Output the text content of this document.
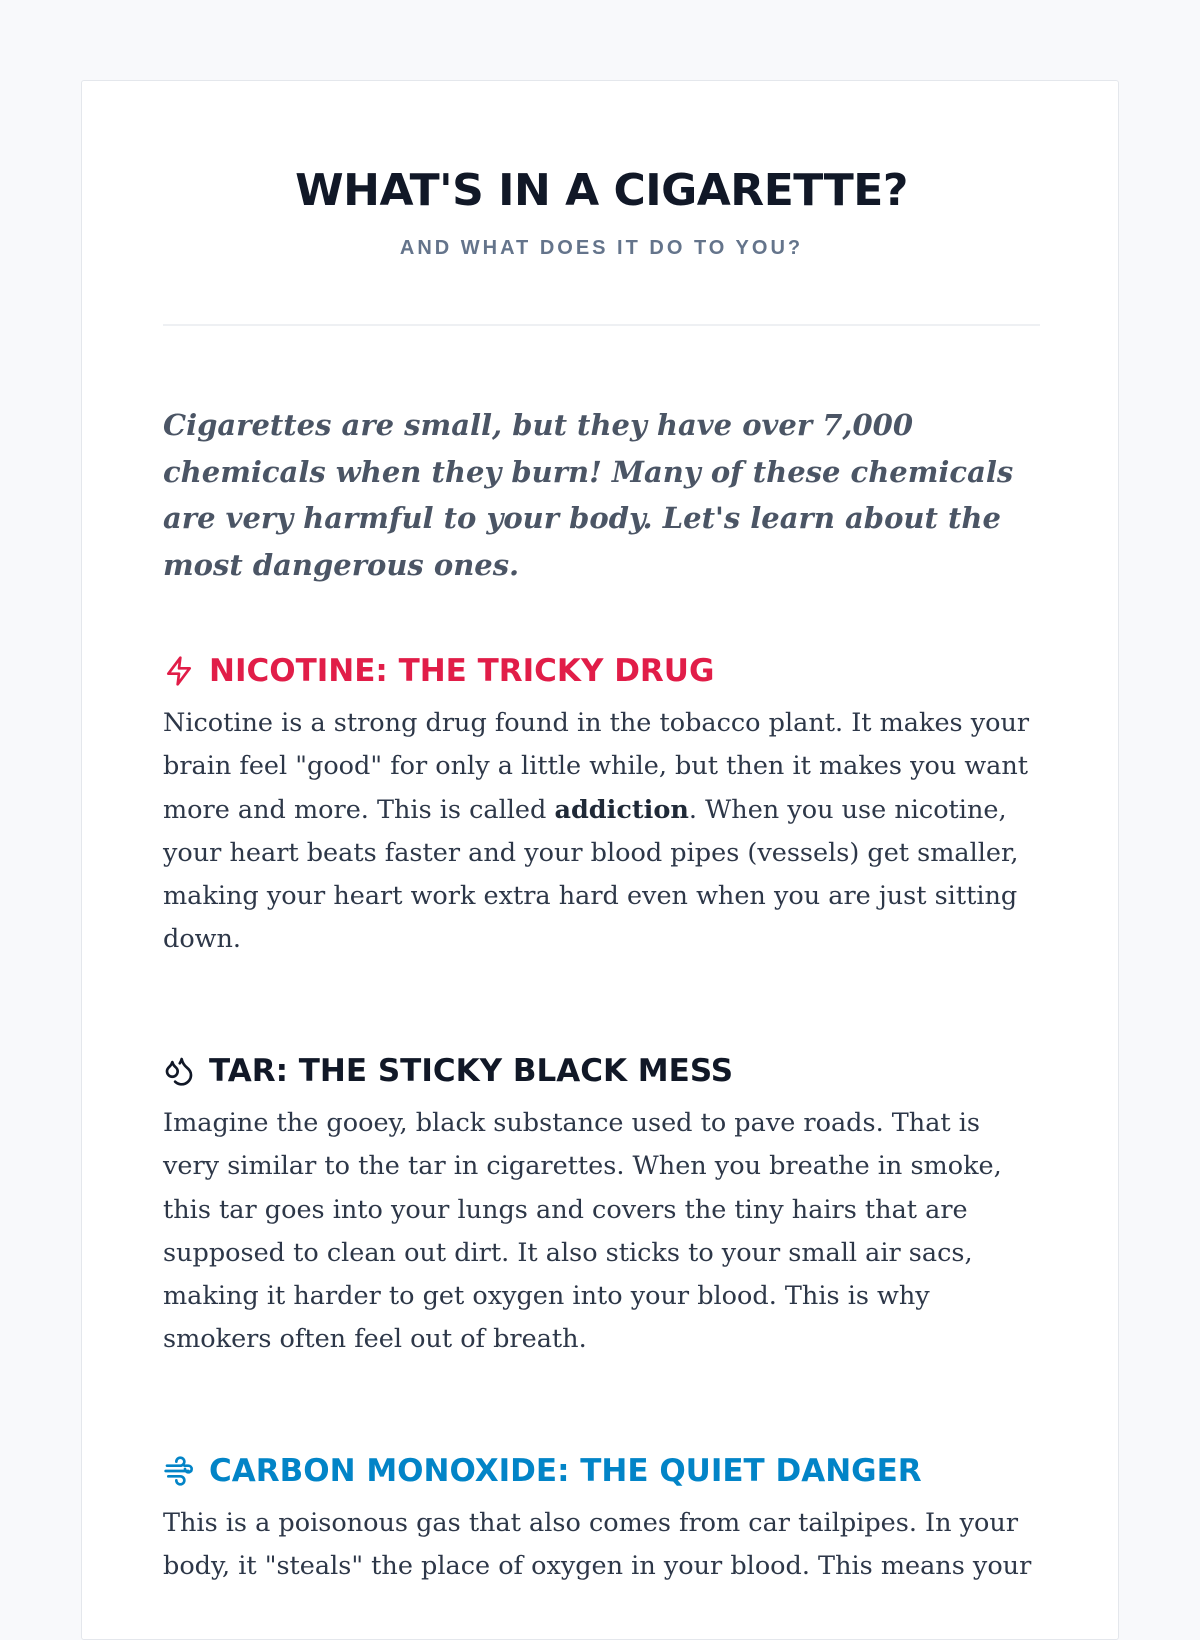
WHAT'S IN A CIGARETTE?
AND WHAT DOES IT DO TO YOU?

Cigarettes are small, but they have over 7,000 chemicals when they burn! Many of these chemicals are very harmful to your body. Let's learn about the most dangerous ones.

NICOTINE: THE TRICKY DRUG

Nicotine is a strong drug found in the tobacco plant. It makes your brain feel "good" for only a little while, but then it makes you want more and more. This is called addiction. When you use nicotine, your heart beats faster and your blood pipes (vessels) get smaller, making your heart work extra hard even when you are just sitting down.

TAR: THE STICKY BLACK MESS

Imagine the gooey, black substance used to pave roads. That is very similar to the tar in cigarettes. When you breathe in smoke, this tar goes into your lungs and covers the tiny hairs that are supposed to clean out dirt. It also sticks to your small air sacs, making it harder to get oxygen into your blood. This is why smokers often feel out of breath.

CARBON MONOXIDE: THE QUIET DANGER

This is a poisonous gas that also comes from car tailpipes. In your body, it "steals" the place of oxygen in your blood. This means your
